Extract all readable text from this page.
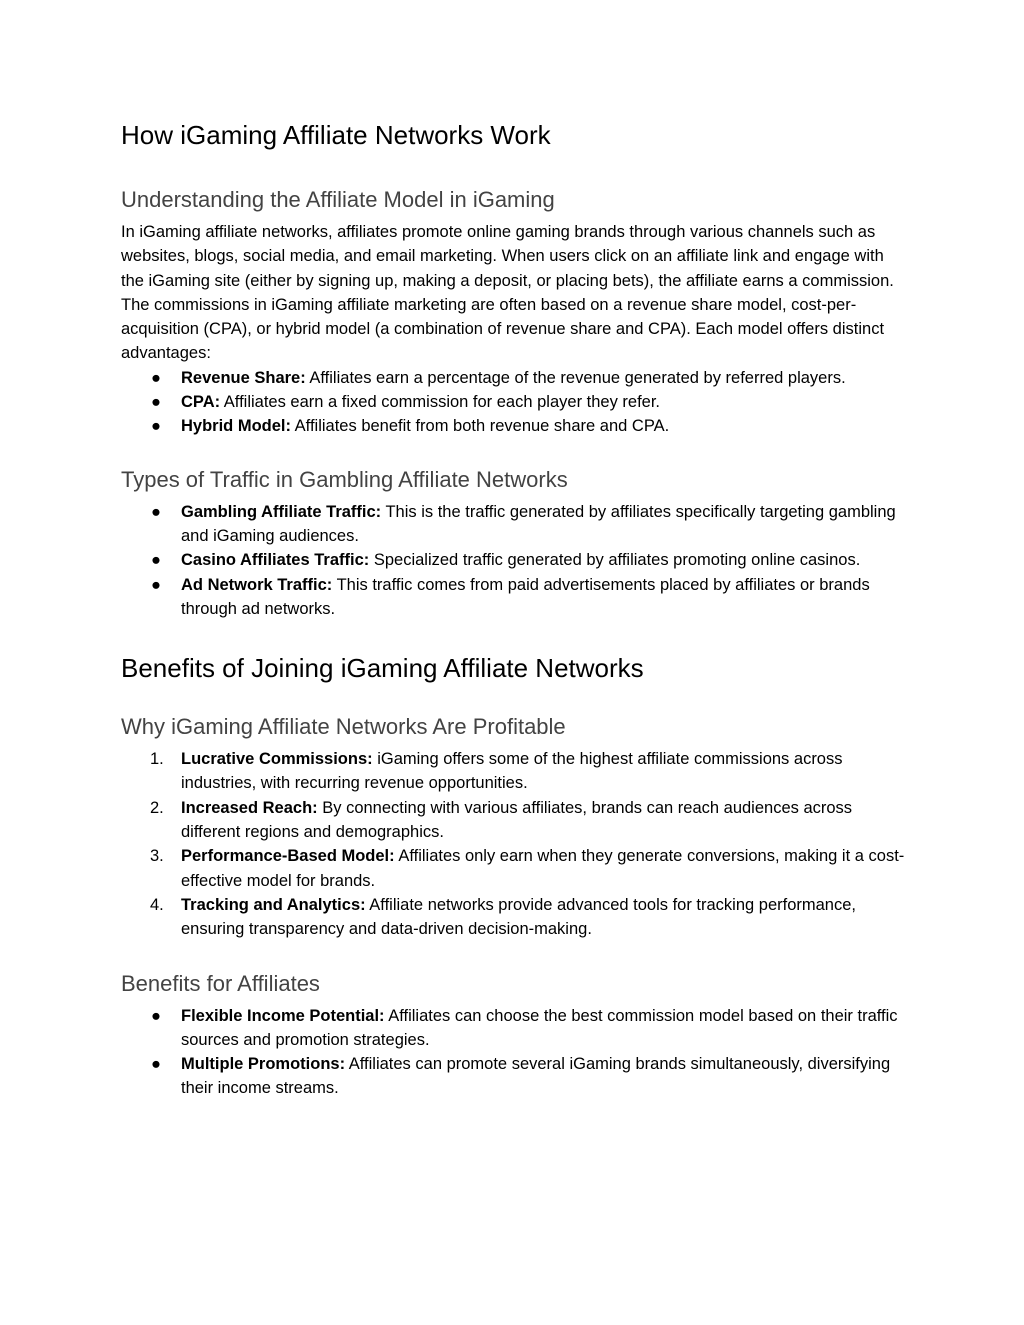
How iGaming Affiliate Networks Work
Understanding the Affiliate Model in iGaming

In iGaming affiliate networks, affiliates promote online gaming brands through various channels such as websites, blogs, social media, and email marketing. When users click on an affiliate link and engage with the iGaming site (either by signing up, making a deposit, or placing bets), the affiliate earns a commission.

The commissions in iGaming affiliate marketing are often based on a revenue share model, cost-per-acquisition (CPA), or hybrid model (a combination of revenue share and CPA). Each model offers distinct advantages:

● Revenue Share: Affiliates earn a percentage of the revenue generated by referred players.
● CPA: Affiliates earn a fixed commission for each player they refer.
● Hybrid Model: Affiliates benefit from both revenue share and CPA.
Types of Traffic in Gambling Affiliate Networks
● Gambling Affiliate Traffic: This is the traffic generated by affiliates specifically targeting gambling and iGaming audiences.
● Casino Affiliates Traffic: Specialized traffic generated by affiliates promoting online casinos.
● Ad Network Traffic: This traffic comes from paid advertisements placed by affiliates or brands through ad networks.
Benefits of Joining iGaming Affiliate Networks
Why iGaming Affiliate Networks Are Profitable
1. Lucrative Commissions: iGaming offers some of the highest affiliate commissions across industries, with recurring revenue opportunities.
2. Increased Reach: By connecting with various affiliates, brands can reach audiences across different regions and demographics.
3. Performance-Based Model: Affiliates only earn when they generate conversions, making it a cost-effective model for brands.
4. Tracking and Analytics: Affiliate networks provide advanced tools for tracking performance, ensuring transparency and data-driven decision-making.
Benefits for Affiliates
● Flexible Income Potential: Affiliates can choose the best commission model based on their traffic sources and promotion strategies.
● Multiple Promotions: Affiliates can promote several iGaming brands simultaneously, diversifying their income streams.
